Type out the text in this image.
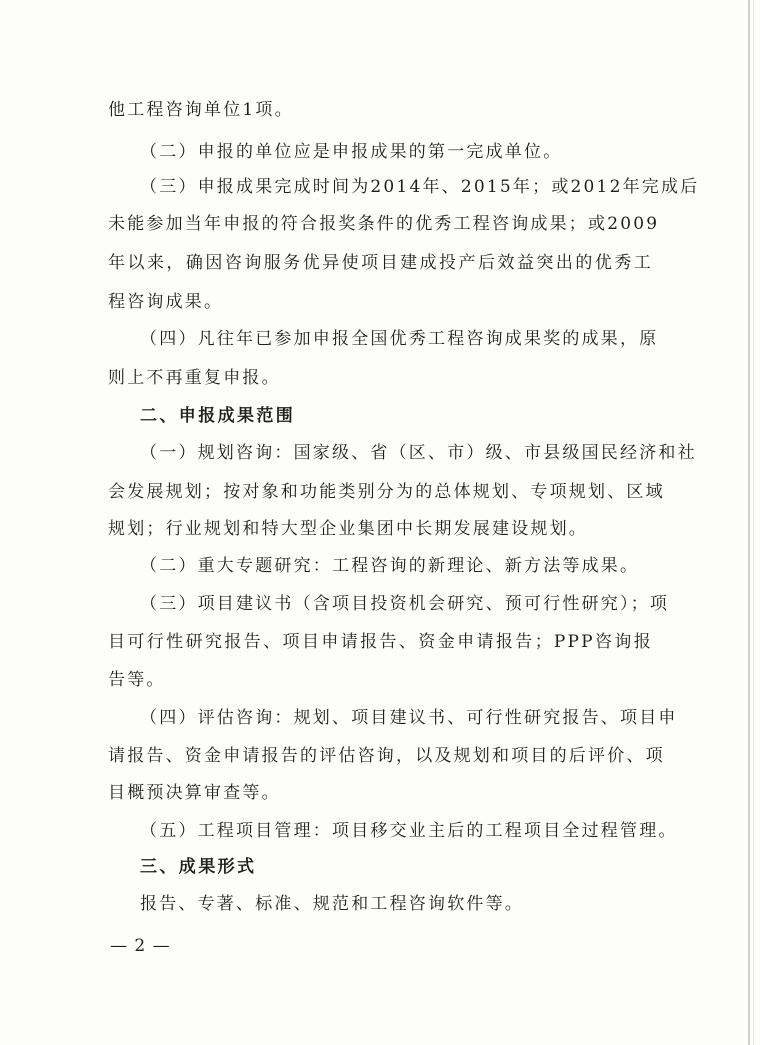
他工程咨询单位1项。
（二）申报的单位应是申报成果的第一完成单位。
（三）申报成果完成时间为2014年、2015年；或2012年完成后
未能参加当年申报的符合报奖条件的优秀工程咨询成果；或2009
年以来，确因咨询服务优异使项目建成投产后效益突出的优秀工
程咨询成果。
（四）凡往年已参加申报全国优秀工程咨询成果奖的成果，原
则上不再重复申报。
二、申报成果范围
（一）规划咨询：国家级、省（区、市）级、市县级国民经济和社
会发展规划；按对象和功能类别分为的总体规划、专项规划、区域
规划；行业规划和特大型企业集团中长期发展建设规划。
（二）重大专题研究：工程咨询的新理论、新方法等成果。
（三）项目建议书（含项目投资机会研究、预可行性研究）；项
目可行性研究报告、项目申请报告、资金申请报告；PPP咨询报
告等。
（四）评估咨询：规划、项目建议书、可行性研究报告、项目申
请报告、资金申请报告的评估咨询，以及规划和项目的后评价、项
目概预决算审查等。
（五）工程项目管理：项目移交业主后的工程项目全过程管理。
三、成果形式
报告、专著、标准、规范和工程咨询软件等。
— 2 —
